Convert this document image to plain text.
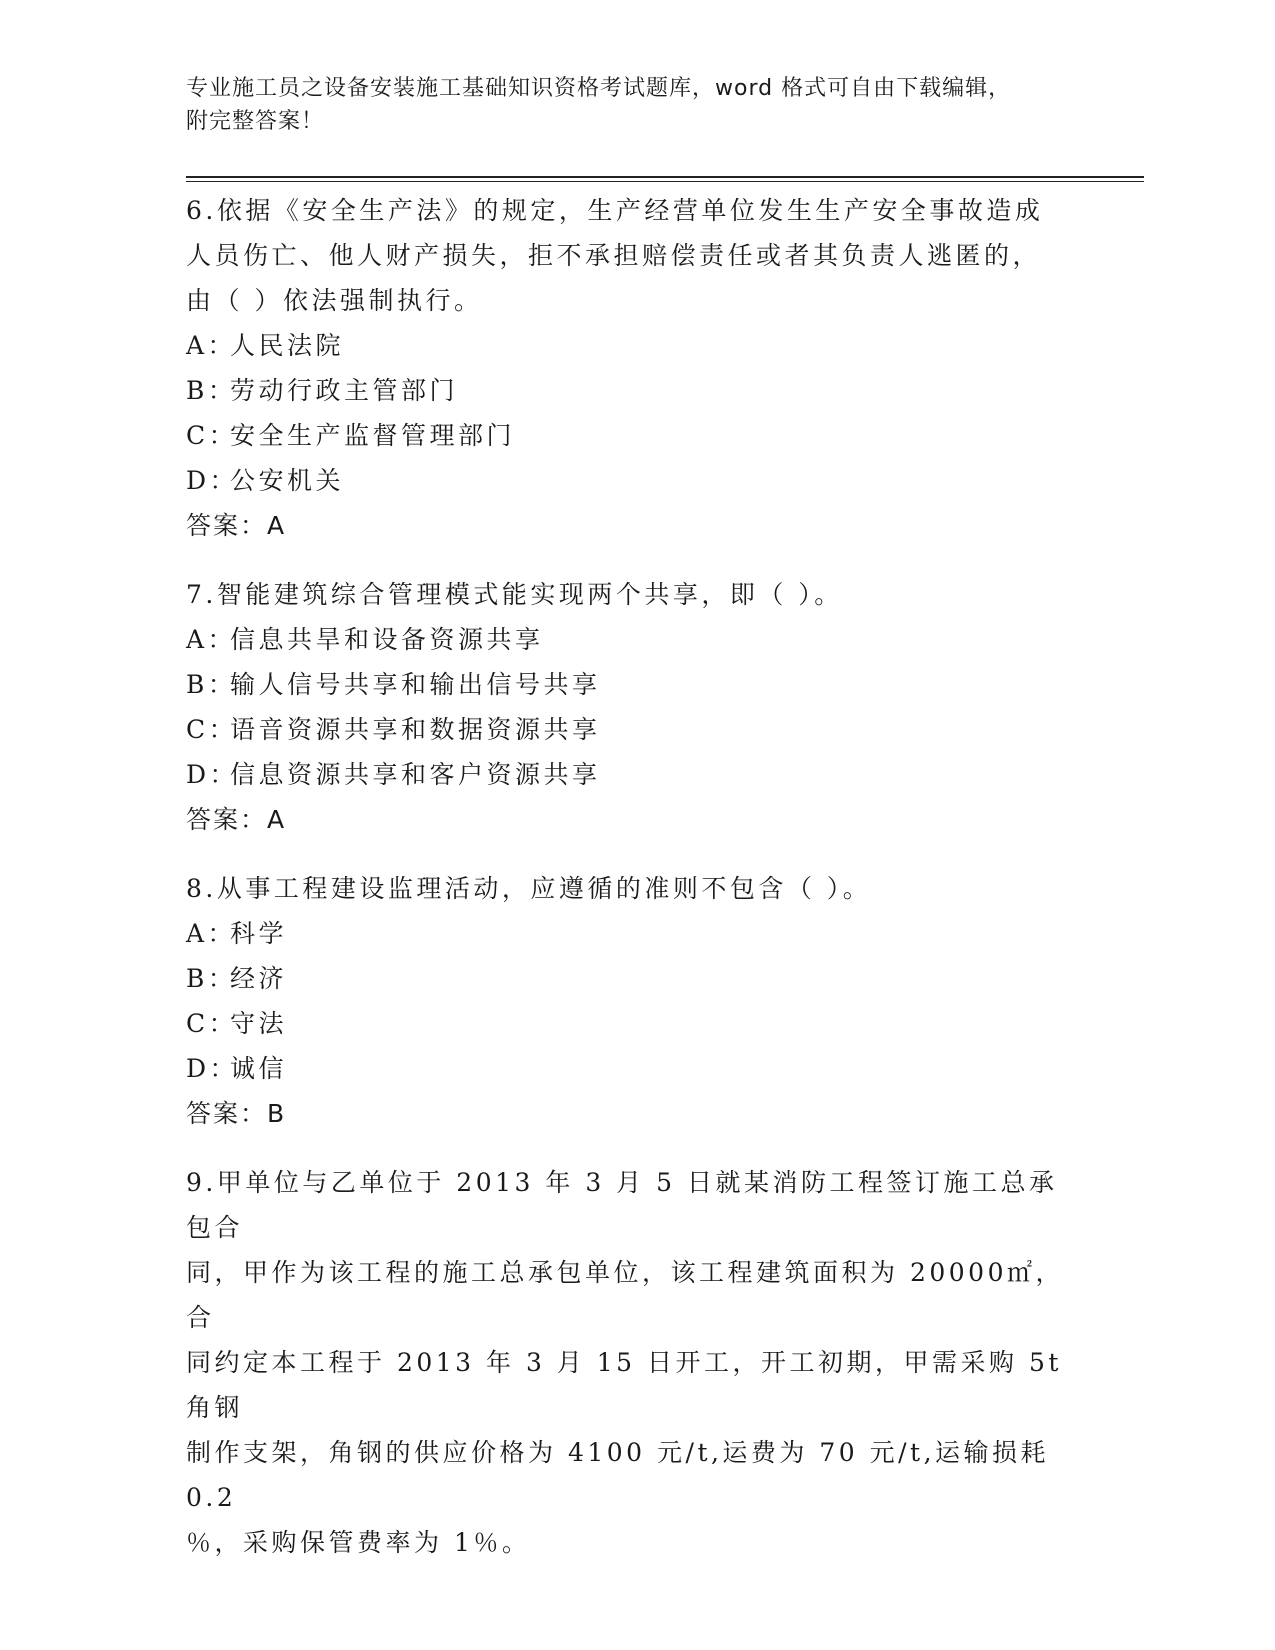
专业施工员之设备安装施工基础知识资格考试题库，word 格式可自由下载编辑，
附完整答案！

6.依据《安全生产法》的规定，生产经营单位发生生产安全事故造成

人员伤亡、他人财产损失，拒不承担赔偿责任或者其负责人逃匿的，

由（ ）依法强制执行。

A：
人民法院
B：
劳动行政主管部门
C：
安全生产监督管理部门
D：
公安机关

答案：A

7.智能建筑综合管理模式能实现两个共享，即（ ）。

A：
信息共旱和设备资源共享
B：
输人信号共享和输出信号共享
C：
语音资源共享和数据资源共享
D：
信息资源共享和客户资源共享

答案：A

8.从事工程建设监理活动，应遵循的准则不包含（ ）。

A：
科学
B：
经济
C：
守法
D：
诚信

答案：B

9.甲单位与乙单位于 2013 年 3 月 5 日就某消防工程签订施工总承包合

同，甲作为该工程的施工总承包单位，该工程建筑面积为 20000㎡，合

同约定本工程于 2013 年 3 月 15 日开工，开工初期，甲需采购 5t 角钢

制作支架，角钢的供应价格为 4100 元/t,运费为 70 元/t,运输损耗 0.2

％，采购保管费率为 1％。
